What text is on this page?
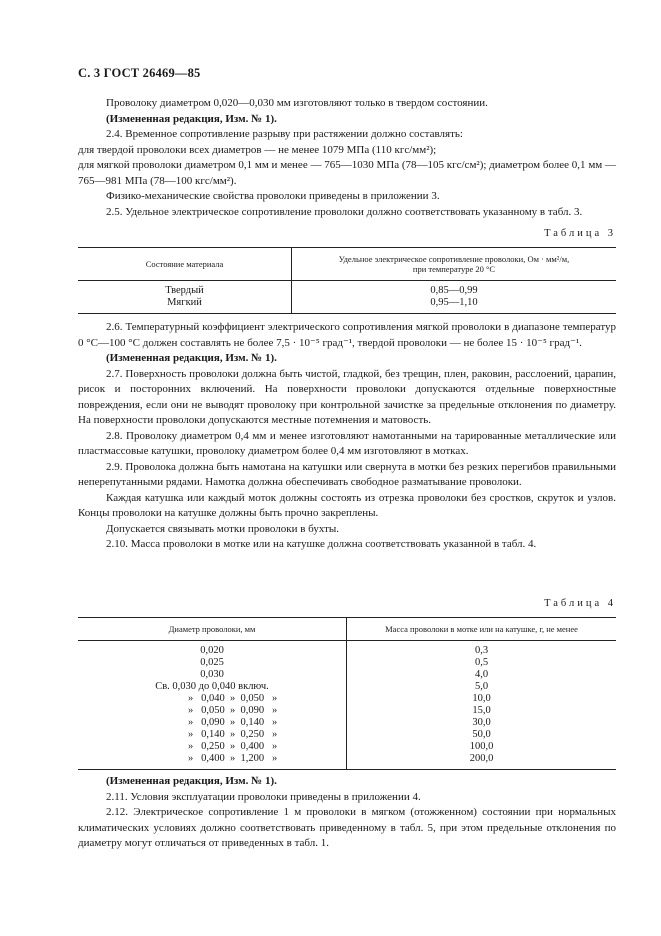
С. 3 ГОСТ 26469—85

Проволоку диаметром 0,020—0,030 мм изготовляют только в твердом состоянии.

(Измененная редакция, Изм. № 1).

2.4. Временное сопротивление разрыву при растяжении должно составлять:

для твердой проволоки всех диаметров — не менее 1079 МПа (110 кгс/мм²);

для мягкой проволоки диаметром 0,1 мм и менее — 765—1030 МПа (78—105 кгс/см²); диаметром более 0,1 мм — 765—981 МПа (78—100 кгс/мм²).

Физико-механические свойства проволоки приведены в приложении 3.

2.5. Удельное электрическое сопротивление проволоки должно соответствовать указанному в табл. 3.

Таблица 3
Состояние материала	Удельное электрическое сопротивление проволоки, Ом · мм²/м,
при температуре 20 °С

Твердый	0,85—0,99
Мягкий	0,95—1,10

2.6. Температурный коэффициент электрического сопротивления мягкой проволоки в диапазоне температур 0 °С—100 °С должен составлять не более 7,5 · 10⁻⁵ град⁻¹, твердой проволоки — не более 15 · 10⁻⁵ град⁻¹.

(Измененная редакция, Изм. № 1).

2.7. Поверхность проволоки должна быть чистой, гладкой, без трещин, плен, раковин, расслоений, царапин, рисок и посторонних включений. На поверхности проволоки допускаются отдельные поверхностные повреждения, если они не выводят проволоку при контрольной зачистке за предельные отклонения по диаметру. На поверхности проволоки допускаются местные потемнения и матовость.

2.8. Проволоку диаметром 0,4 мм и менее изготовляют намотанными на тарированные металлические или пластмассовые катушки, проволоку диаметром более 0,4 мм изготовляют в мотках.

2.9. Проволока должна быть намотана на катушки или свернута в мотки без резких перегибов правильными неперепутанными рядами. Намотка должна обеспечивать свободное разматывание проволоки.

Каждая катушка или каждый моток должны состоять из отрезка проволоки без сростков, скруток и узлов. Концы проволоки на катушке должны быть прочно закреплены.

Допускается связывать мотки проволоки в бухты.

2.10. Масса проволоки в мотке или на катушке должна соответствовать указанной в табл. 4.

Таблица 4
Диаметр проволоки, мм	Масса проволоки в мотке или на катушке, г, не менее
0,020	0,3
0,025	0,5
0,030	4,0
Св. 0,030 до 0,040 включ.	5,0
»   0,040  »  0,050   »	10,0
»   0,050  »  0,090   »	15,0
»   0,090  »  0,140   »	30,0
»   0,140  »  0,250   »	50,0
»   0,250  »  0,400   »	100,0
»   0,400  »  1,200   »	200,0

(Измененная редакция, Изм. № 1).

2.11. Условия эксплуатации проволоки приведены в приложении 4.

2.12. Электрическое сопротивление 1 м проволоки в мягком (отожженном) состоянии при нормальных климатических условиях должно соответствовать приведенному в табл. 5, при этом предельные отклонения по диаметру могут отличаться от приведенных в табл. 1.
